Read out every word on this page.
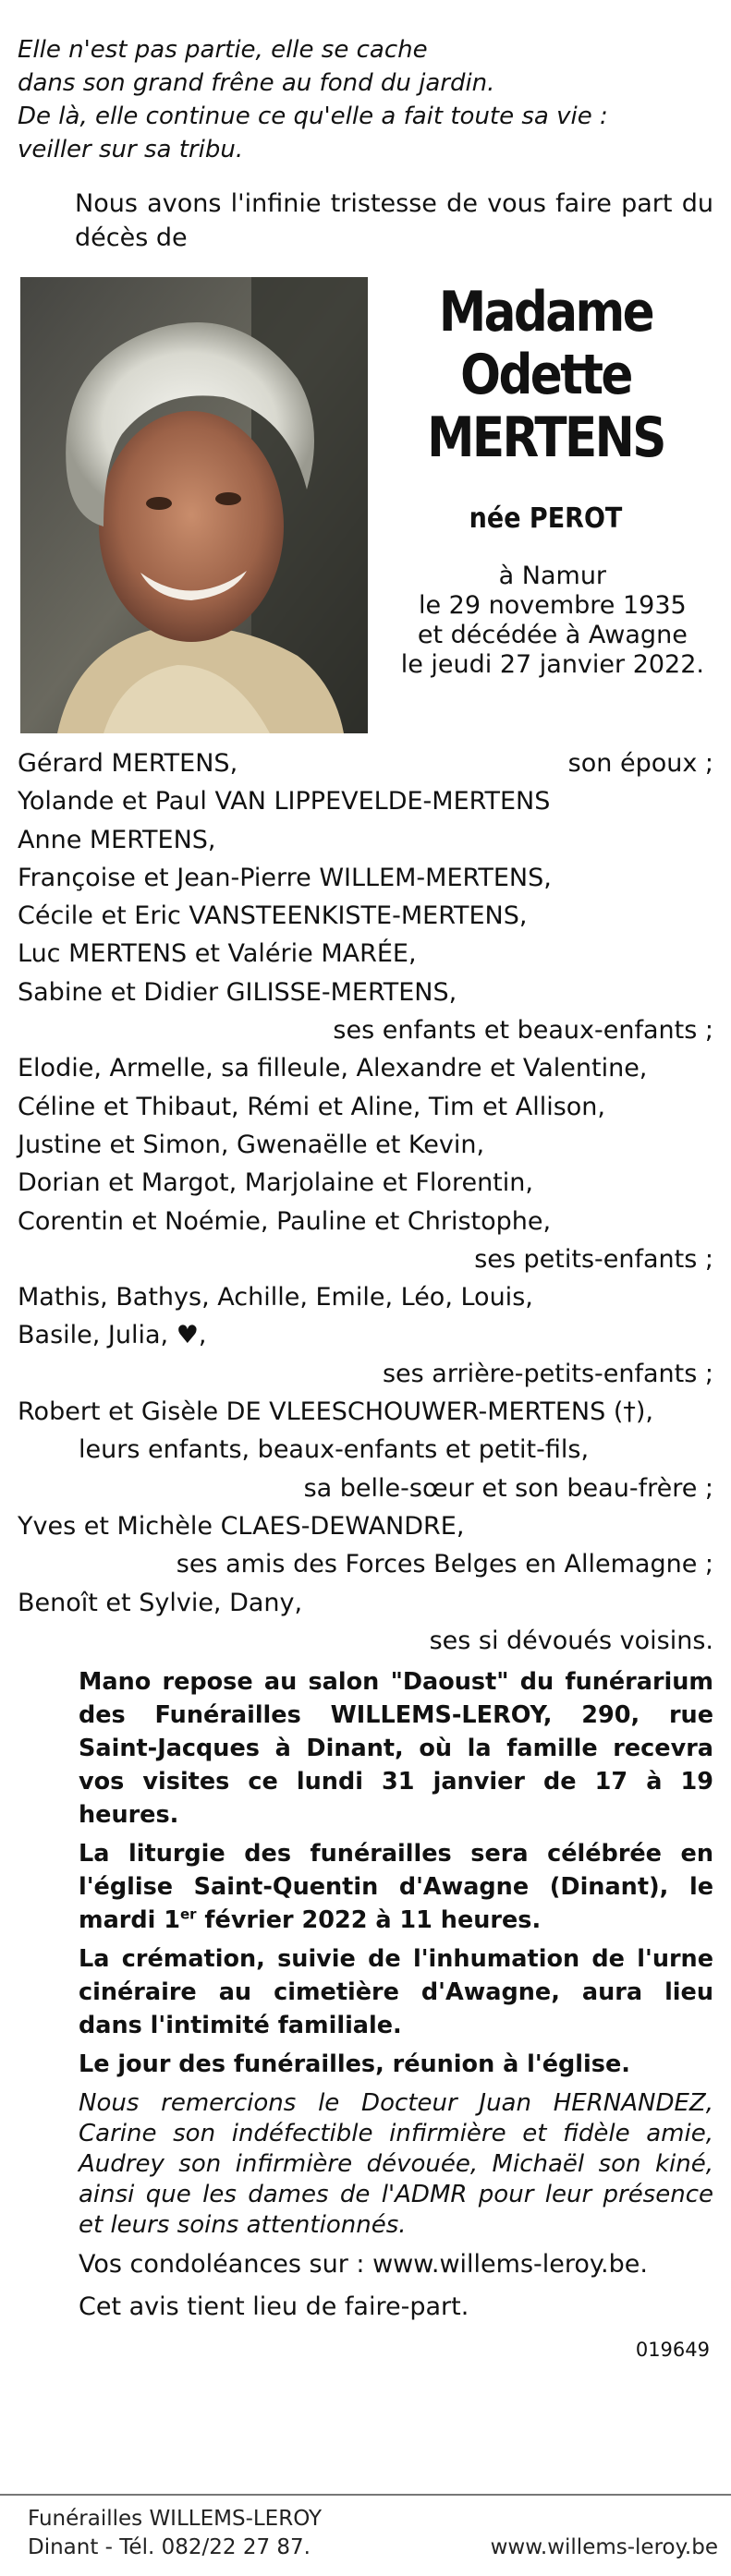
Elle n'est pas partie, elle se cache
dans son grand frêne au fond du jardin.
De là, elle continue ce qu'elle a fait toute sa vie :
veiller sur sa tribu.
Nous avons l'infinie tristesse de vous faire part du décès de
Madame
Odette
MERTENS
née PEROT
à Namur
le 29 novembre 1935
et décédée à Awagne
le jeudi 27 janvier 2022.
Gérard MERTENS,	son époux ;
Yolande et Paul VAN LIPPEVELDE-MERTENS
Anne MERTENS,
Françoise et Jean-Pierre WILLEM-MERTENS,
Cécile et Eric VANSTEENKISTE-MERTENS,
Luc MERTENS et Valérie MARÉE,
Sabine et Didier GILISSE-MERTENS,
ses enfants et beaux-enfants ;
Elodie, Armelle, sa filleule, Alexandre et Valentine,
Céline et Thibaut, Rémi et Aline, Tim et Allison,
Justine et Simon, Gwenaëlle et Kevin,
Dorian et Margot, Marjolaine et Florentin,
Corentin et Noémie, Pauline et Christophe,
ses petits-enfants ;
Mathis, Bathys, Achille, Emile, Léo, Louis,
Basile, Julia, ♥,
ses arrière-petits-enfants ;
Robert et Gisèle DE VLEESCHOUWER-MERTENS (†),
leurs enfants, beaux-enfants et petit-fils,
sa belle-sœur et son beau-frère ;
Yves et Michèle CLAES-DEWANDRE,
ses amis des Forces Belges en Allemagne ;
Benoît et Sylvie, Dany,
ses si dévoués voisins.
Mano repose au salon "Daoust" du funérarium des Funérailles WILLEMS-LEROY, 290, rue Saint-Jacques à Dinant, où la famille recevra vos visites ce lundi 31 janvier de 17 à 19 heures.
La liturgie des funérailles sera célébrée en l'église Saint-Quentin d'Awagne (Dinant), le mardi 1er février 2022 à 11 heures.
La crémation, suivie de l'inhumation de l'urne cinéraire au cimetière d'Awagne, aura lieu dans l'intimité familiale.
Le jour des funérailles, réunion à l'église.
Nous remercions le Docteur Juan HERNANDEZ, Carine son indéfectible infirmière et fidèle amie, Audrey son infirmière dévouée, Michaël son kiné, ainsi que les dames de l'ADMR pour leur présence et leurs soins attentionnés.
Vos condoléances sur : www.willems-leroy.be.
Cet avis tient lieu de faire-part.
019649
Funérailles WILLEMS-LEROY
Dinant - Tél. 082/22 27 87.	www.willems-leroy.be
